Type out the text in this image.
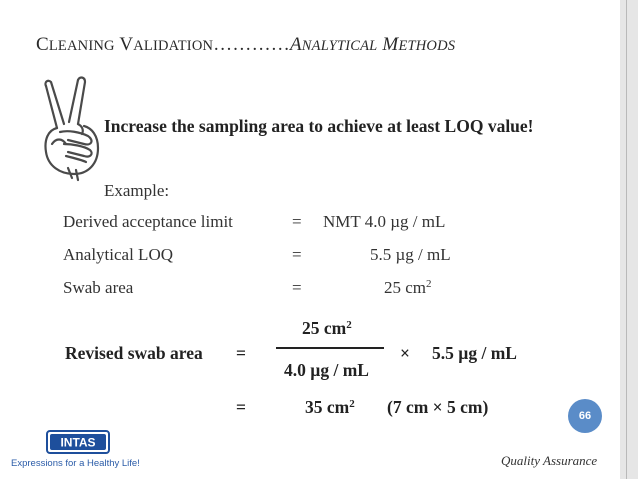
CLEANING VALIDATION…………ANALYTICAL METHODS
Increase the sampling area to achieve at least LOQ value!
Example:
Derived acceptance limit	= NMT 4.0 µg / mL
Analytical LOQ	=	5.5 µg / mL
Swab area	=	25 $cm^2$
Revised swab area =
25 $cm^2$
4.0 µg / mL
× 5.5 µg / mL
=	35 $cm^2$ (7 cm × 5 cm)	66
INTAS
Expressions for a Healthy Life!	Quality Assurance
